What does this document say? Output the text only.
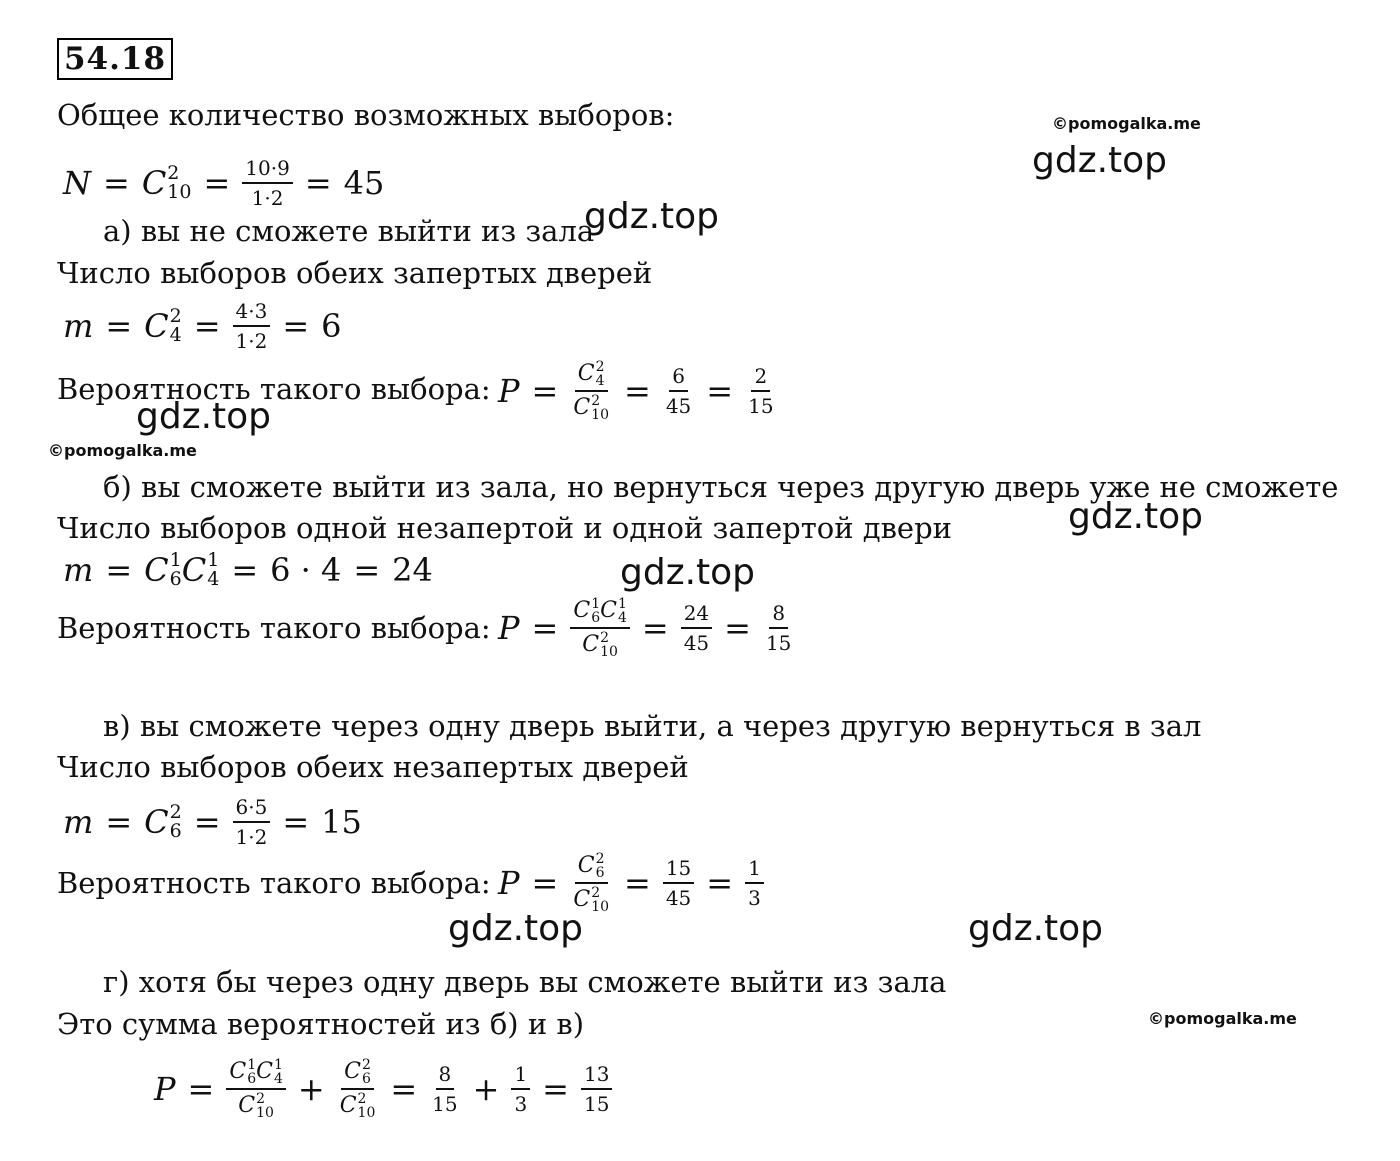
54.18
Общее количество возможных выборов:
N = C 2
$10 = \frac{10\cdot 9}{1\cdot 2} = 45$
а) вы не сможете выйти из зала
Число выборов обеих запертых дверей
m = C 2
$4 = \frac{4\cdot 3}{1\cdot 2} = 6$
Вероятность такого выбора: P = C 2
4
C 2
$10 = \frac{6}{45} = \frac{2}{15}$
б) вы сможете выйти из зала, но вернуться через другую дверь уже не сможете
Число выборов одной незапертой и одной запертой двери
m = C 1
6 C 1
4 = 6 · 4 = 24
Вероятность такого выбора: P = C 1
6 C 1
4
C 2
$10 = \frac{24}{45} = \frac{8}{15}$
в) вы сможете через одну дверь выйти, а через другую вернуться в зал
Число выборов обеих незапертых дверей
m = C 2
$6 = \frac{6\cdot 5}{1\cdot 2} = 15$
Вероятность такого выбора: P = C 2
6
C 2
$10 = \frac{15}{45} = \frac{1}{3}$
г) хотя бы через одну дверь вы сможете выйти из зала
Это сумма вероятностей из б) и в)
P = C 1
6 C 1
4
C 2
10 + C 2
6
C 2
$10 = \frac{8}{15} + \frac{1}{3} = \frac{13}{15}$
©pomogalka.me
gdz.top
gdz.top
gdz.top
©pomogalka.me
gdz.top
gdz.top
gdz.top	gdz.top
©pomogalka.me
